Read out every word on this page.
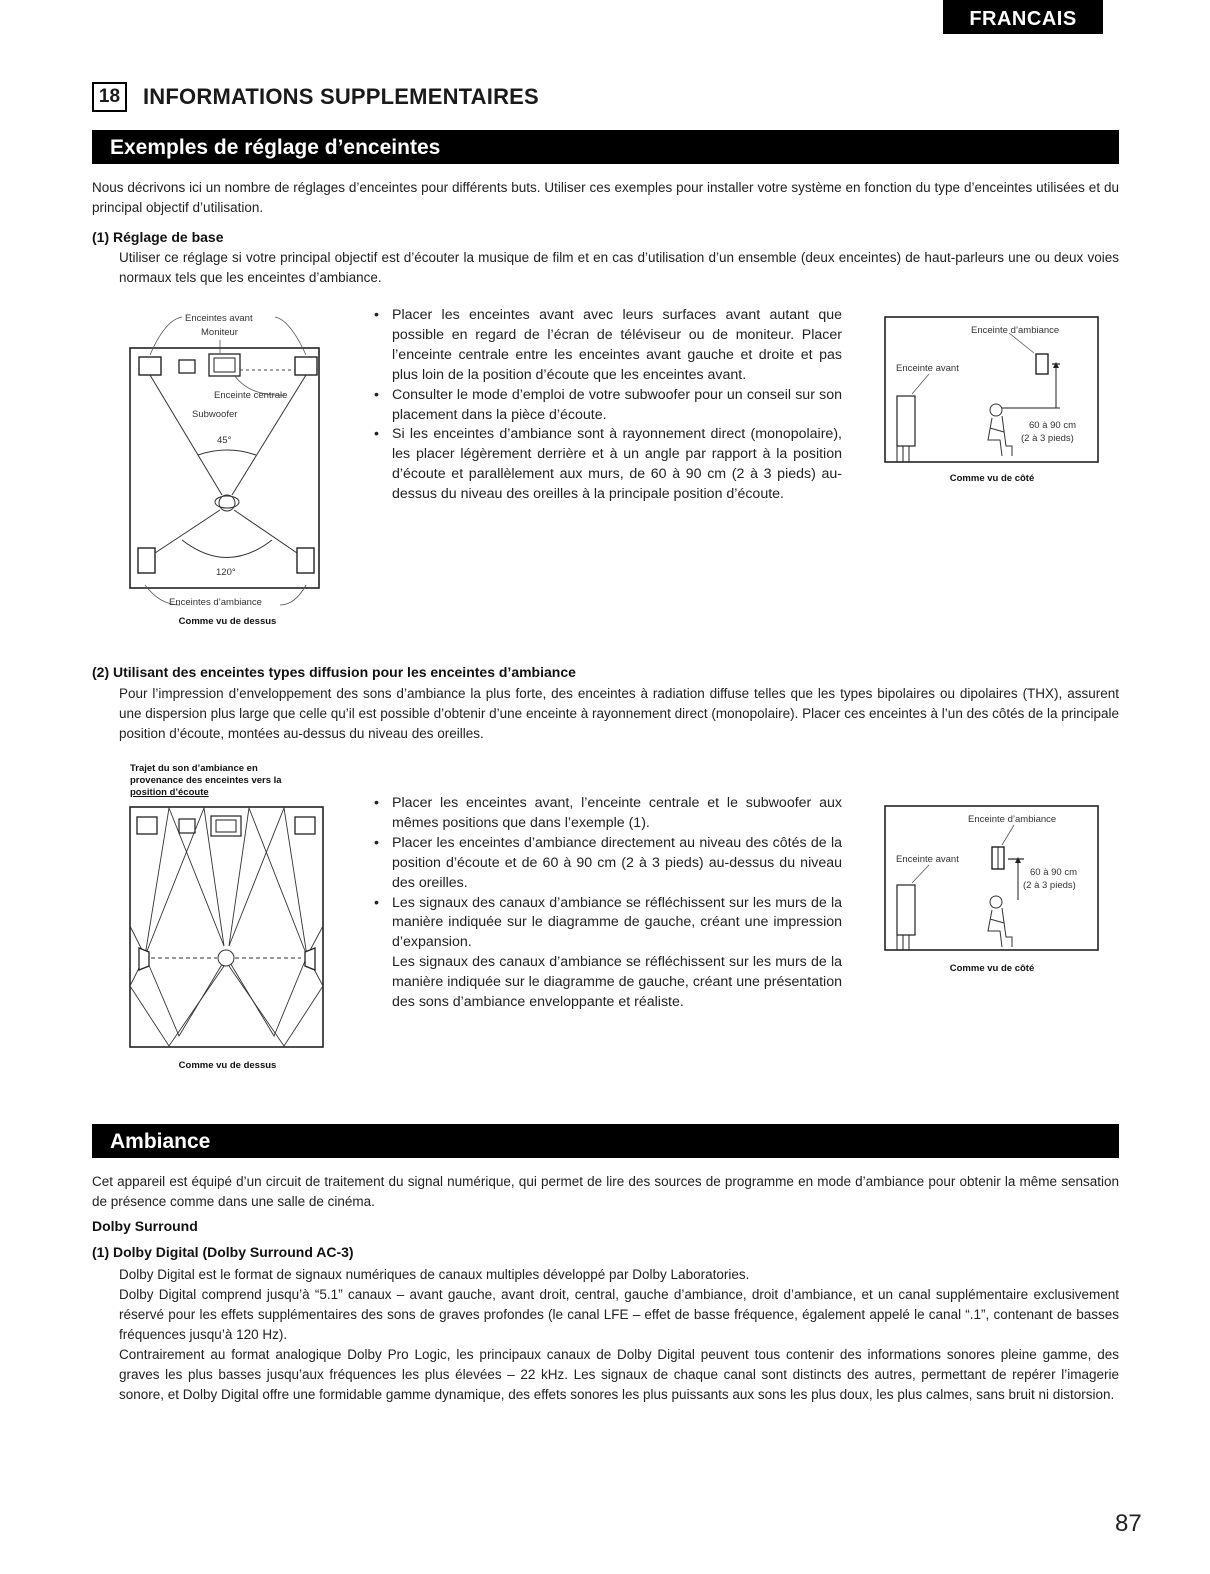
FRANCAIS
18	INFORMATIONS SUPPLEMENTAIRES
Exemples de réglage d’enceintes
Nous décrivons ici un nombre de réglages d’enceintes pour différents buts. Utiliser ces exemples pour installer votre système en fonction du type d’enceintes utilisées et du principal objectif d’utilisation.
(1) Réglage de base
Utiliser ce réglage si votre principal objectif est d’écouter la musique de film et en cas d’utilisation d’un ensemble (deux enceintes) de haut-parleurs une ou deux voies normaux tels que les enceintes d’ambiance.
Enceintes avant
Moniteur
Enceinte centrale
Subwoofer
45°
120°
Enceintes d’ambiance
Comme vu de dessus
• Placer les enceintes avant avec leurs surfaces avant autant que possible en regard de l’écran de téléviseur ou de moniteur. Placer l’enceinte centrale entre les enceintes avant gauche et droite et pas plus loin de la position d’écoute que les enceintes avant.
• Consulter le mode d’emploi de votre subwoofer pour un conseil sur son placement dans la pièce d’écoute.
• Si les enceintes d’ambiance sont à rayonnement direct (monopolaire), les placer légèrement derrière et à un angle par rapport à la position d’écoute et parallèlement aux murs, de 60 à 90 cm (2 à 3 pieds) au-dessus du niveau des oreilles à la principale position d’écoute.
Enceinte d’ambiance
Enceinte avant
60 à 90 cm
(2 à 3 pieds)
Comme vu de côté
(2) Utilisant des enceintes types diffusion pour les enceintes d’ambiance
Pour l’impression d’enveloppement des sons d’ambiance la plus forte, des enceintes à radiation diffuse telles que les types bipolaires ou dipolaires (THX), assurent une dispersion plus large que celle qu’il est possible d’obtenir d’une enceinte à rayonnement direct (monopolaire). Placer ces enceintes à l’un des côtés de la principale position d’écoute, montées au-dessus du niveau des oreilles.
Trajet du son d’ambiance en
provenance des enceintes vers la
position d’écoute
Comme vu de dessus
• Placer les enceintes avant, l’enceinte centrale et le subwoofer aux mêmes positions que dans l’exemple (1).
• Placer les enceintes d’ambiance directement au niveau des côtés de la position d’écoute et de 60 à 90 cm (2 à 3 pieds) au-dessus du niveau des oreilles.
• Les signaux des canaux d’ambiance se réfléchissent sur les murs de la manière indiquée sur le diagramme de gauche, créant une impression d’expansion.
Les signaux des canaux d’ambiance se réfléchissent sur les murs de la manière indiquée sur le diagramme de gauche, créant une présentation des sons d’ambiance enveloppante et réaliste.
Enceinte d’ambiance
Enceinte avant
60 à 90 cm
(2 à 3 pieds)
Comme vu de côté
Ambiance
Cet appareil est équipé d’un circuit de traitement du signal numérique, qui permet de lire des sources de programme en mode d’ambiance pour obtenir la même sensation de présence comme dans une salle de cinéma.
Dolby Surround
(1) Dolby Digital (Dolby Surround AC-3)
Dolby Digital est le format de signaux numériques de canaux multiples développé par Dolby Laboratories.
Dolby Digital comprend jusqu’à “5.1” canaux – avant gauche, avant droit, central, gauche d’ambiance, droit d’ambiance, et un canal supplémentaire exclusivement réservé pour les effets supplémentaires des sons de graves profondes (le canal LFE – effet de basse fréquence, également appelé le canal “.1”, contenant de basses fréquences jusqu’à 120 Hz).
Contrairement au format analogique Dolby Pro Logic, les principaux canaux de Dolby Digital peuvent tous contenir des informations sonores pleine gamme, des graves les plus basses jusqu’aux fréquences les plus élevées – 22 kHz. Les signaux de chaque canal sont distincts des autres, permettant de repérer l’imagerie sonore, et Dolby Digital offre une formidable gamme dynamique, des effets sonores les plus puissants aux sons les plus doux, les plus calmes, sans bruit ni distorsion.
87
